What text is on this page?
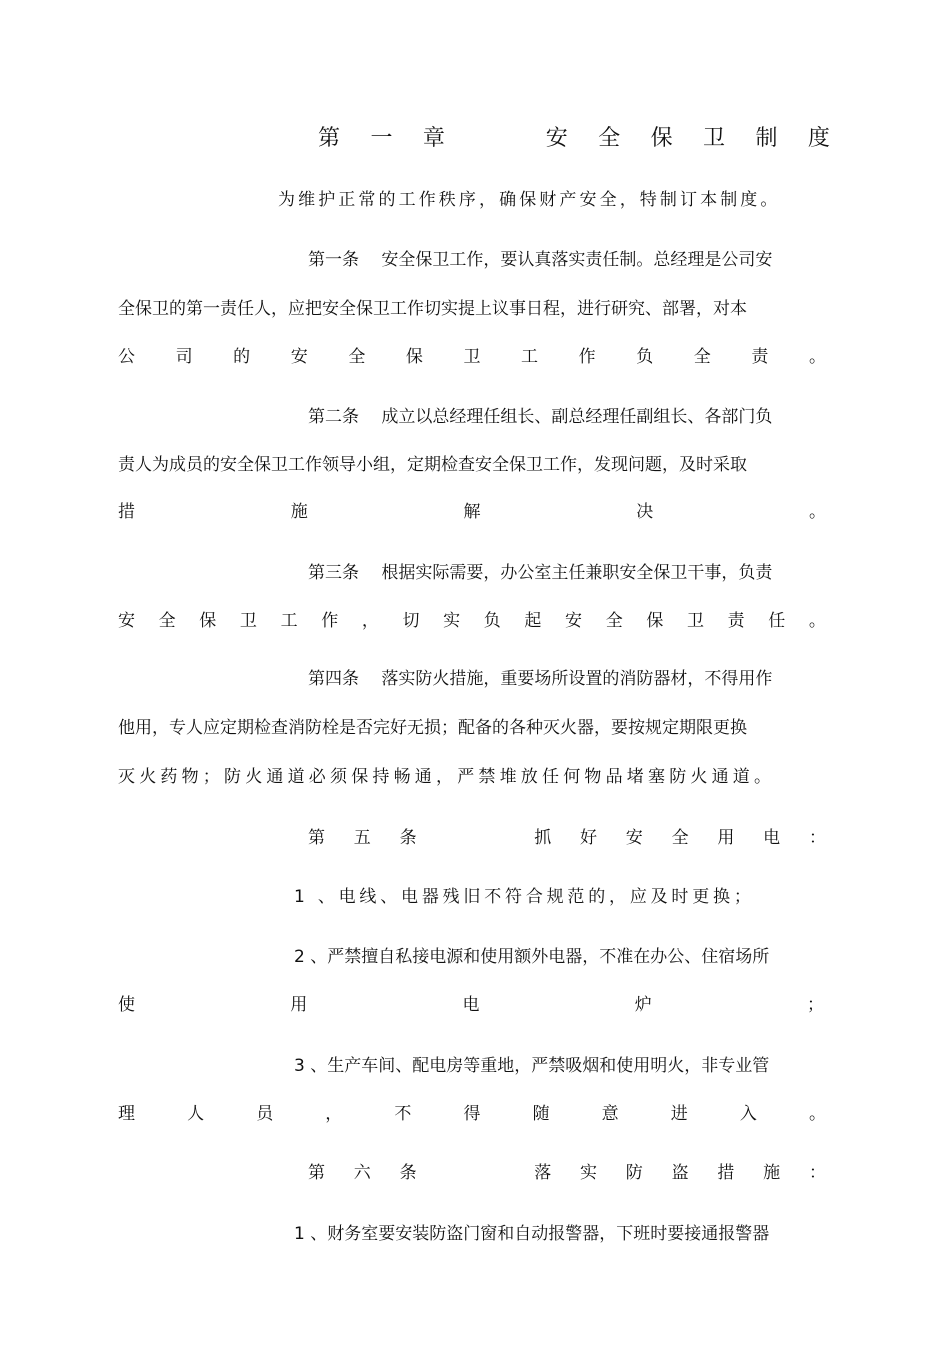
第 一 章	安 全 保 卫 制 度
为维护正常的工作秩序，确保财产安全，特制订本制度。
第一条　 安全保卫工作，要认真落实责任制。总经理是公司安
全保卫的第一责任人，应把安全保卫工作切实提上议事日程，进行研究、部署，对本
公 司 的 安 全 保 卫 工 作 负 全 责 。
第二条　 成立以总经理任组长、副总经理任副组长、各部门负
责人为成员的安全保卫工作领导小组，定期检查安全保卫工作，发现问题，及时采取
措	施	解	决	。
第三条　 根据实际需要，办公室主任兼职安全保卫干事，负责
安 全 保 卫 工 作 ， 切 实 负 起 安 全 保 卫 责 任 。
第四条　 落实防火措施，重要场所设置的消防器材，不得用作
他用，专人应定期检查消防栓是否完好无损；配备的各种灭火器，要按规定期限更换
灭火药物；防火通道必须保持畅通，严禁堆放任何物品堵塞防火通道。
第 五 条	抓 好 安 全 用 电 ：
1 、电线、电器残旧不符合规范的，应及时更换；
2 、严禁擅自私接电源和使用额外电器，不准在办公、住宿场所
使	用	电	炉	；
3 、生产车间、配电房等重地，严禁吸烟和使用明火，非专业管
理	人	员	，	不	得	随	意	进	入	。
第 六 条	落 实 防 盗 措 施 ：
1 、财务室要安装防盗门窗和自动报警器，下班时要接通报警器
